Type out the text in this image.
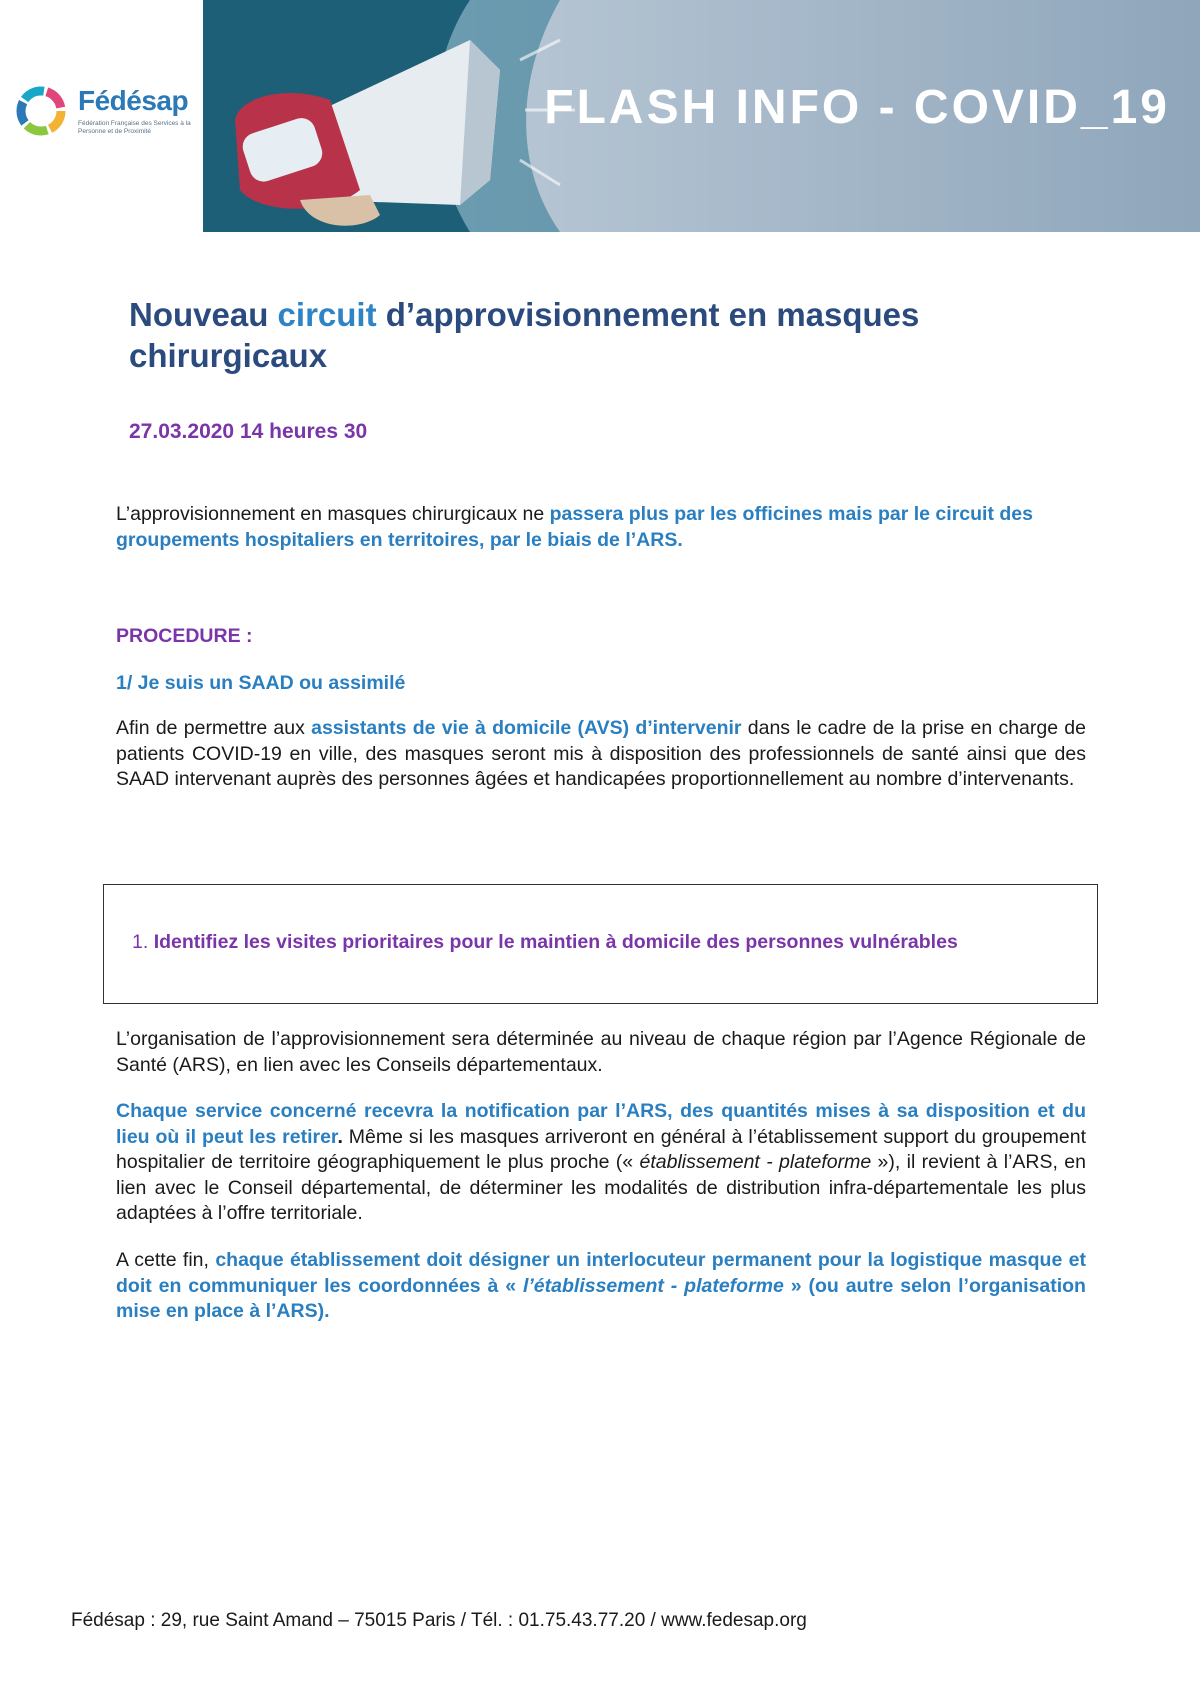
Fédésap
Fédération Française des Services à la Personne et de Proximité	FLASH INFO - COVID_19
Nouveau circuit d’approvisionnement en masques chirurgicaux
27.03.2020 14 heures 30

L’approvisionnement en masques chirurgicaux ne passera plus par les officines mais par le circuit des groupements hospitaliers en territoires, par le biais de l’ARS.

PROCEDURE :
1/ Je suis un SAAD ou assimilé

Afin de permettre aux assistants de vie à domicile (AVS) d’intervenir dans le cadre de la prise en charge de patients COVID-19 en ville, des masques seront mis à disposition des professionnels de santé ainsi que des SAAD intervenant auprès des personnes âgées et handicapées proportionnellement au nombre d’intervenants.

1. Identifiez les visites prioritaires pour le maintien à domicile des personnes vulnérables

L’organisation de l’approvisionnement sera déterminée au niveau de chaque région par l’Agence Régionale de Santé (ARS), en lien avec les Conseils départementaux.

Chaque service concerné recevra la notification par l’ARS, des quantités mises à sa disposition et du lieu où il peut les retirer. Même si les masques arriveront en général à l’établissement support du groupement hospitalier de territoire géographiquement le plus proche (« établissement - plateforme »), il revient à l’ARS, en lien avec le Conseil départemental, de déterminer les modalités de distribution infra-départementale les plus adaptées à l’offre territoriale.

A cette fin, chaque établissement doit désigner un interlocuteur permanent pour la logistique masque et doit en communiquer les coordonnées à « l’établissement - plateforme » (ou autre selon l’organisation mise en place à l’ARS).

Fédésap : 29, rue Saint Amand – 75015 Paris / Tél. : 01.75.43.77.20 / www.fedesap.org
